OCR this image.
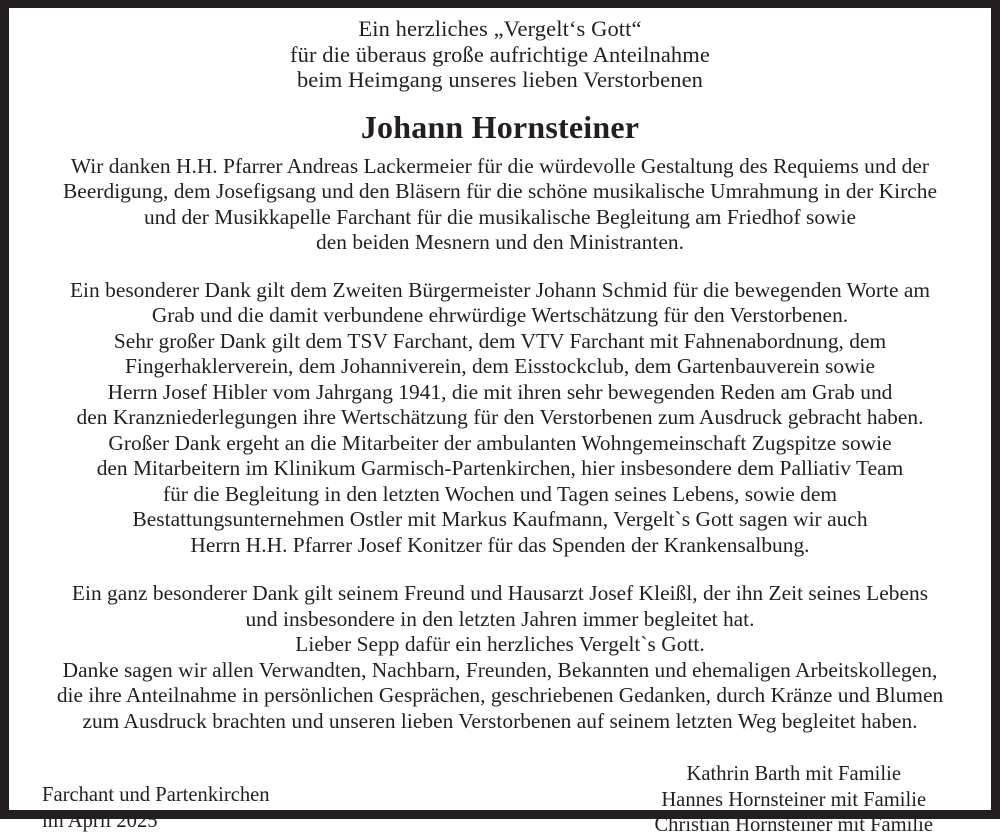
Ein herzliches „Vergelt‘s Gott“
für die überaus große aufrichtige Anteilnahme
beim Heimgang unseres lieben Verstorbenen
Johann Hornsteiner
Wir danken H.H. Pfarrer Andreas Lackermeier für die würdevolle Gestaltung des Requiems und der
Beerdigung, dem Josefigsang und den Bläsern für die schöne musikalische Umrahmung in der Kirche
und der Musikkapelle Farchant für die musikalische Begleitung am Friedhof sowie
den beiden Mesnern und den Ministranten.
Ein besonderer Dank gilt dem Zweiten Bürgermeister Johann Schmid für die bewegenden Worte am
Grab und die damit verbundene ehrwürdige Wertschätzung für den Verstorbenen.
Sehr großer Dank gilt dem TSV Farchant, dem VTV Farchant mit Fahnenabordnung, dem
Fingerhaklerverein, dem Johanniverein, dem Eisstockclub, dem Gartenbauverein sowie
Herrn Josef Hibler vom Jahrgang 1941, die mit ihren sehr bewegenden Reden am Grab und
den Kranzniederlegungen ihre Wertschätzung für den Verstorbenen zum Ausdruck gebracht haben.
Großer Dank ergeht an die Mitarbeiter der ambulanten Wohngemeinschaft Zugspitze sowie
den Mitarbeitern im Klinikum Garmisch-Partenkirchen, hier insbesondere dem Palliativ Team
für die Begleitung in den letzten Wochen und Tagen seines Lebens, sowie dem
Bestattungsunternehmen Ostler mit Markus Kaufmann, Vergelt`s Gott sagen wir auch
Herrn H.H. Pfarrer Josef Konitzer für das Spenden der Krankensalbung.
Ein ganz besonderer Dank gilt seinem Freund und Hausarzt Josef Kleißl, der ihn Zeit seines Lebens
und insbesondere in den letzten Jahren immer begleitet hat.
Lieber Sepp dafür ein herzliches Vergelt`s Gott.
Danke sagen wir allen Verwandten, Nachbarn, Freunden, Bekannten und ehemaligen Arbeitskollegen,
die ihre Anteilnahme in persönlichen Gesprächen, geschriebenen Gedanken, durch Kränze und Blumen
zum Ausdruck brachten und unseren lieben Verstorbenen auf seinem letzten Weg begleitet haben.
Farchant und Partenkirchen
im April 2025
Kathrin Barth mit Familie
Hannes Hornsteiner mit Familie
Christian Hornsteiner mit Familie
